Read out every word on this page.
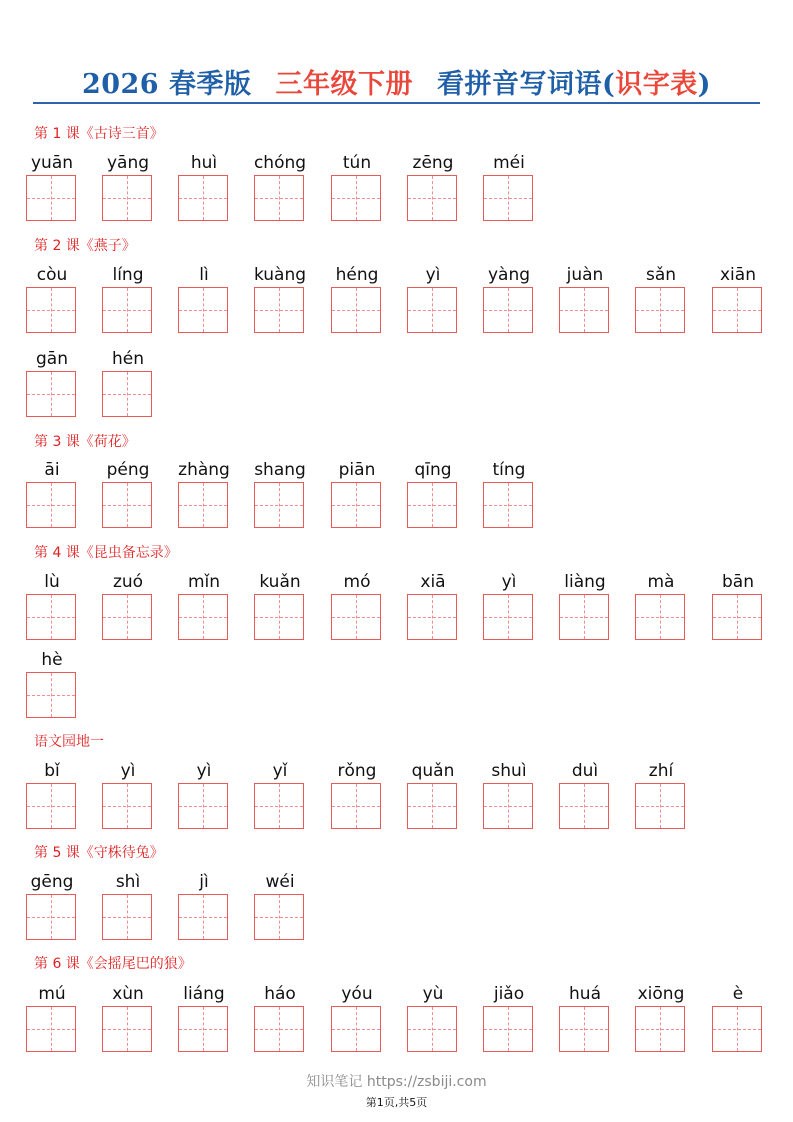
2026 春季版 三年级下册 看拼音写词语(识字表)
第 1 课《古诗三首》
yuān	yāng	huì	chóng	tún	zēng	méi
第 2 课《燕子》
còu	líng	lì	kuàng	héng	yì	yàng	juàn	sǎn	xiān
gān	hén
第 3 课《荷花》
āi	péng	zhàng	shang	piān	qīng	tíng
第 4 课《昆虫备忘录》
lù	zuó	mǐn	kuǎn	mó	xiā	yì	liàng	mà	bān
hè
语文园地一
bǐ	yì	yì	yǐ	rǒng	quǎn	shuì	duì	zhí
第 5 课《守株待兔》
gēng	shì	jì	wéi
第 6 课《会摇尾巴的狼》
mú	xùn	liáng	háo	yóu	yù	jiǎo	huá	xiōng	è
知识笔记 https://zsbiji.com
第1页,共5页
